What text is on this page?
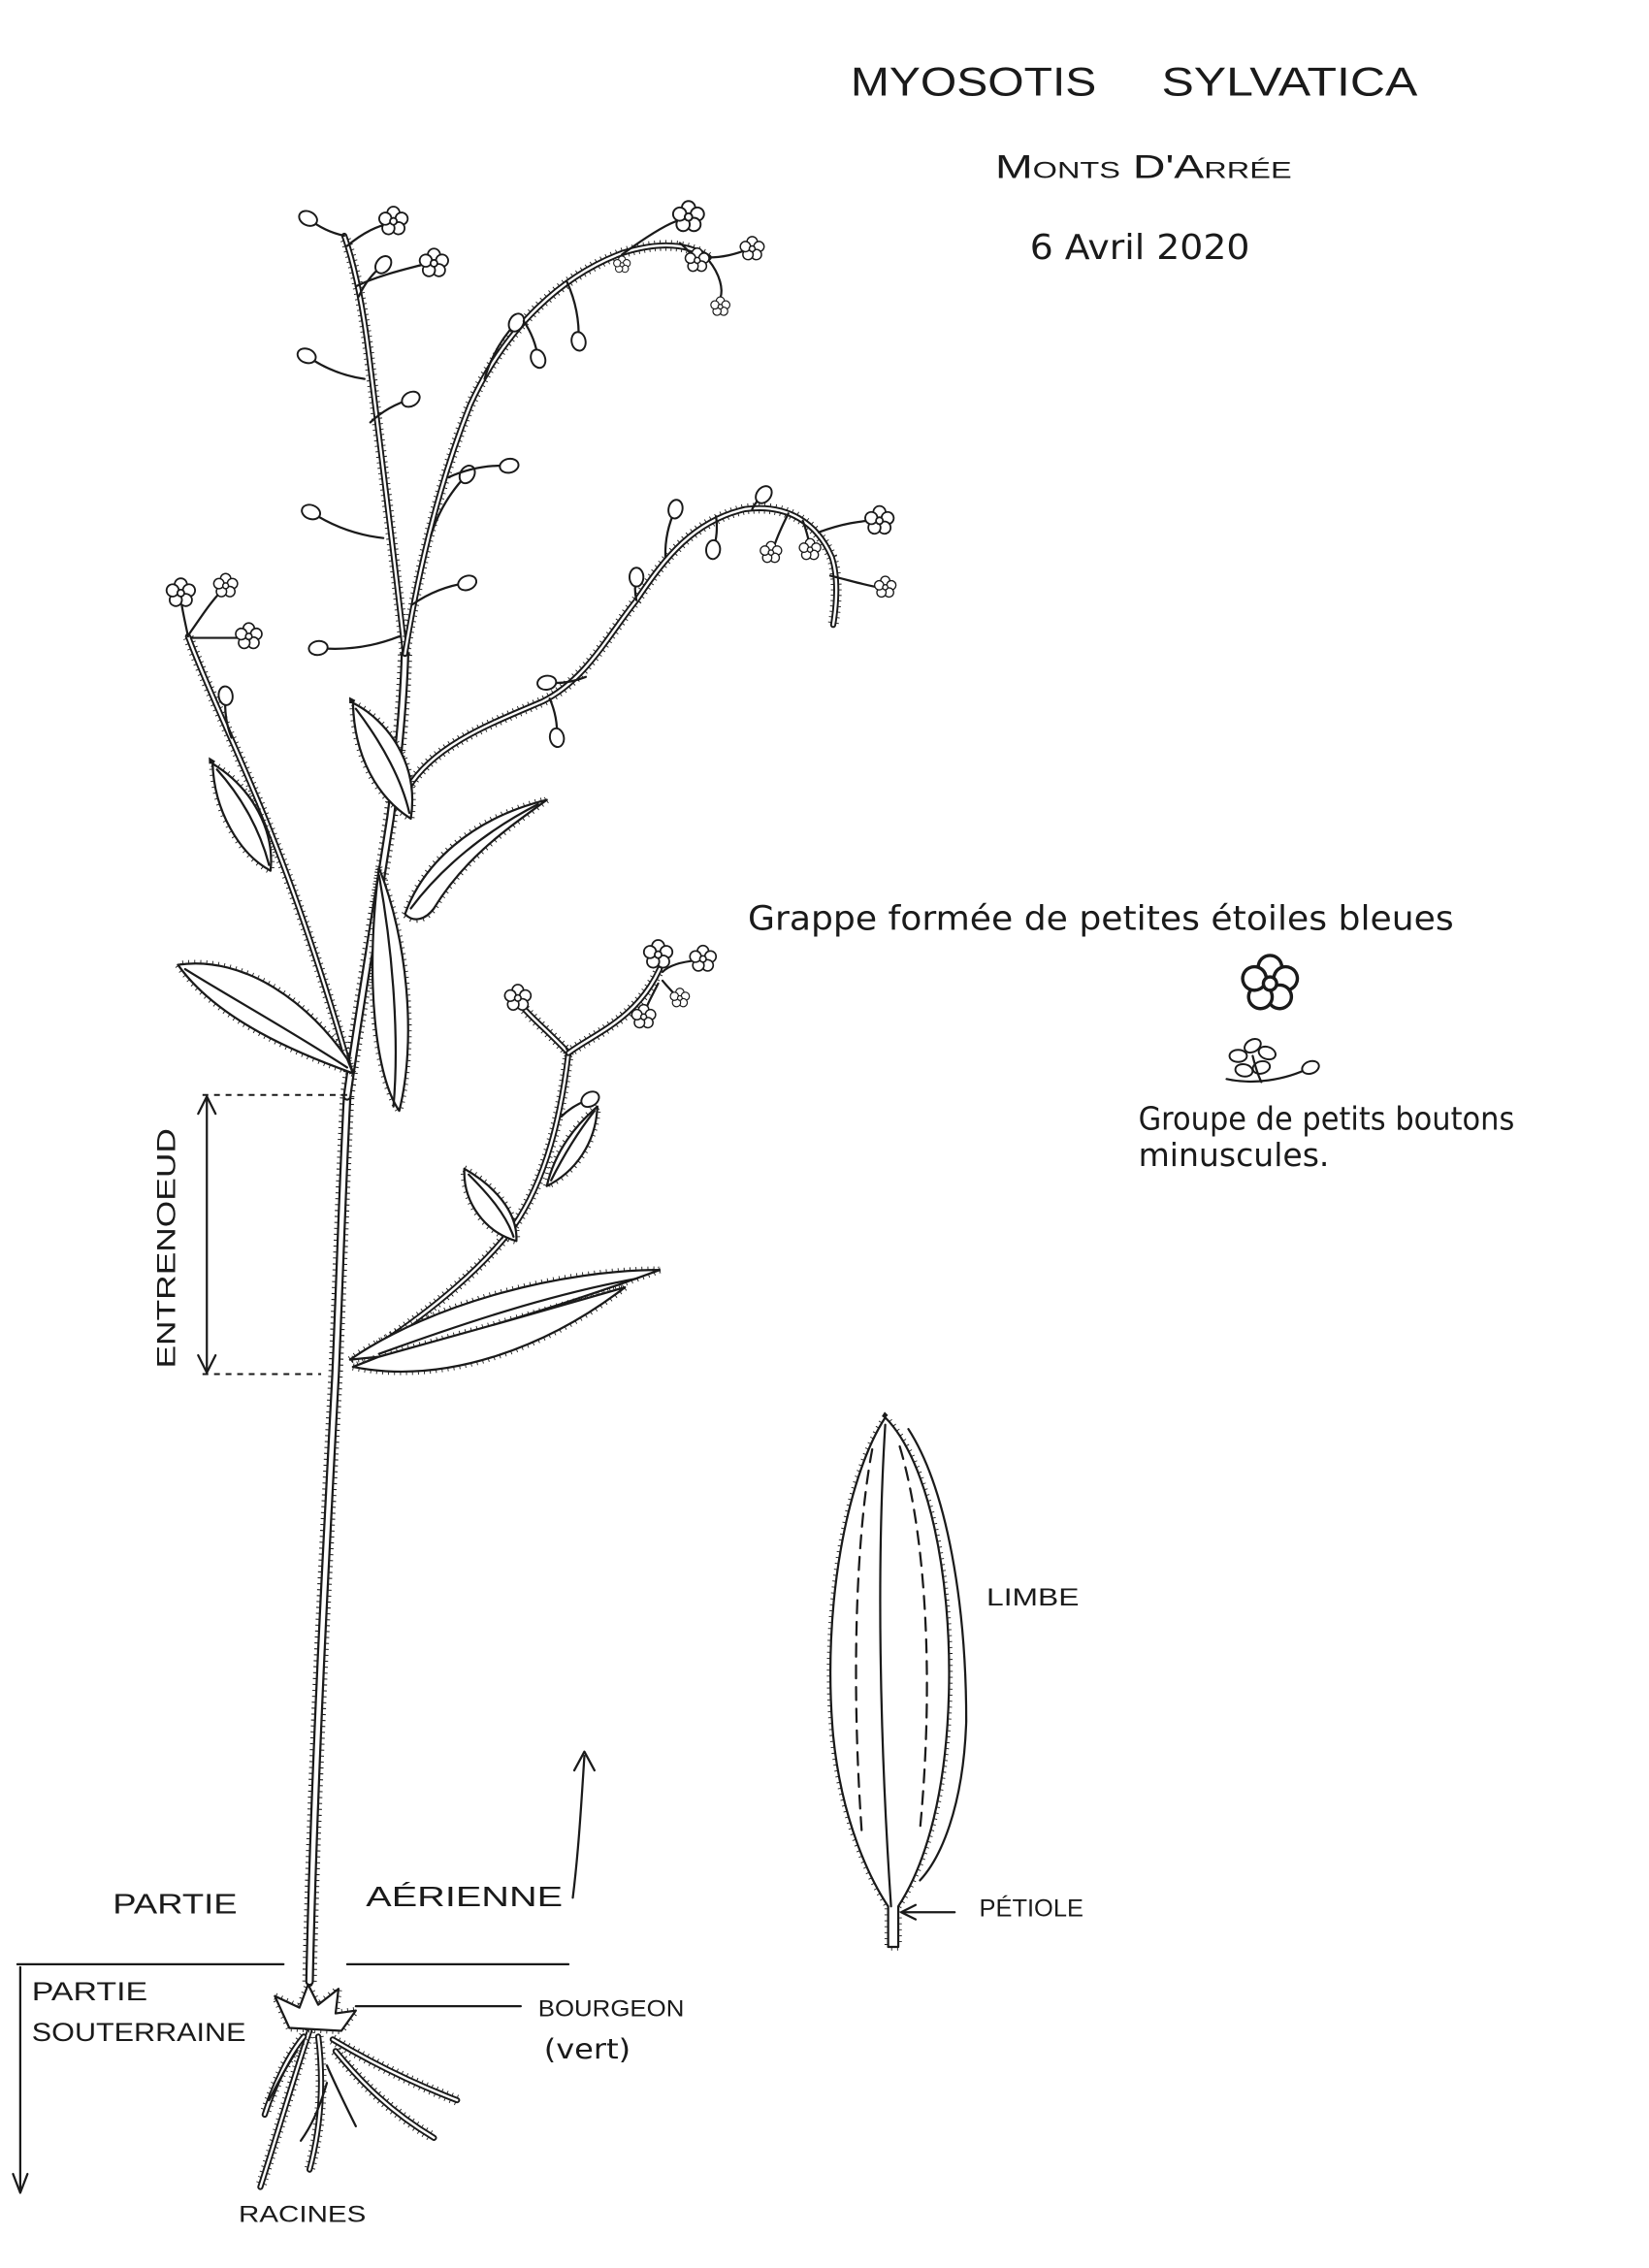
MYOSOTIS SYLVATICA
Monts D'Arrée
6 Avril 2020
Grappe formée de petites étoiles bleues
Groupe de petits boutons
minuscules.
ENTRENOEUD
LIMBE
PÉTIOLE
PARTIE	AÉRIENNE
PARTIE
SOUTERRAINE
BOURGEON
(vert)
RACINES
